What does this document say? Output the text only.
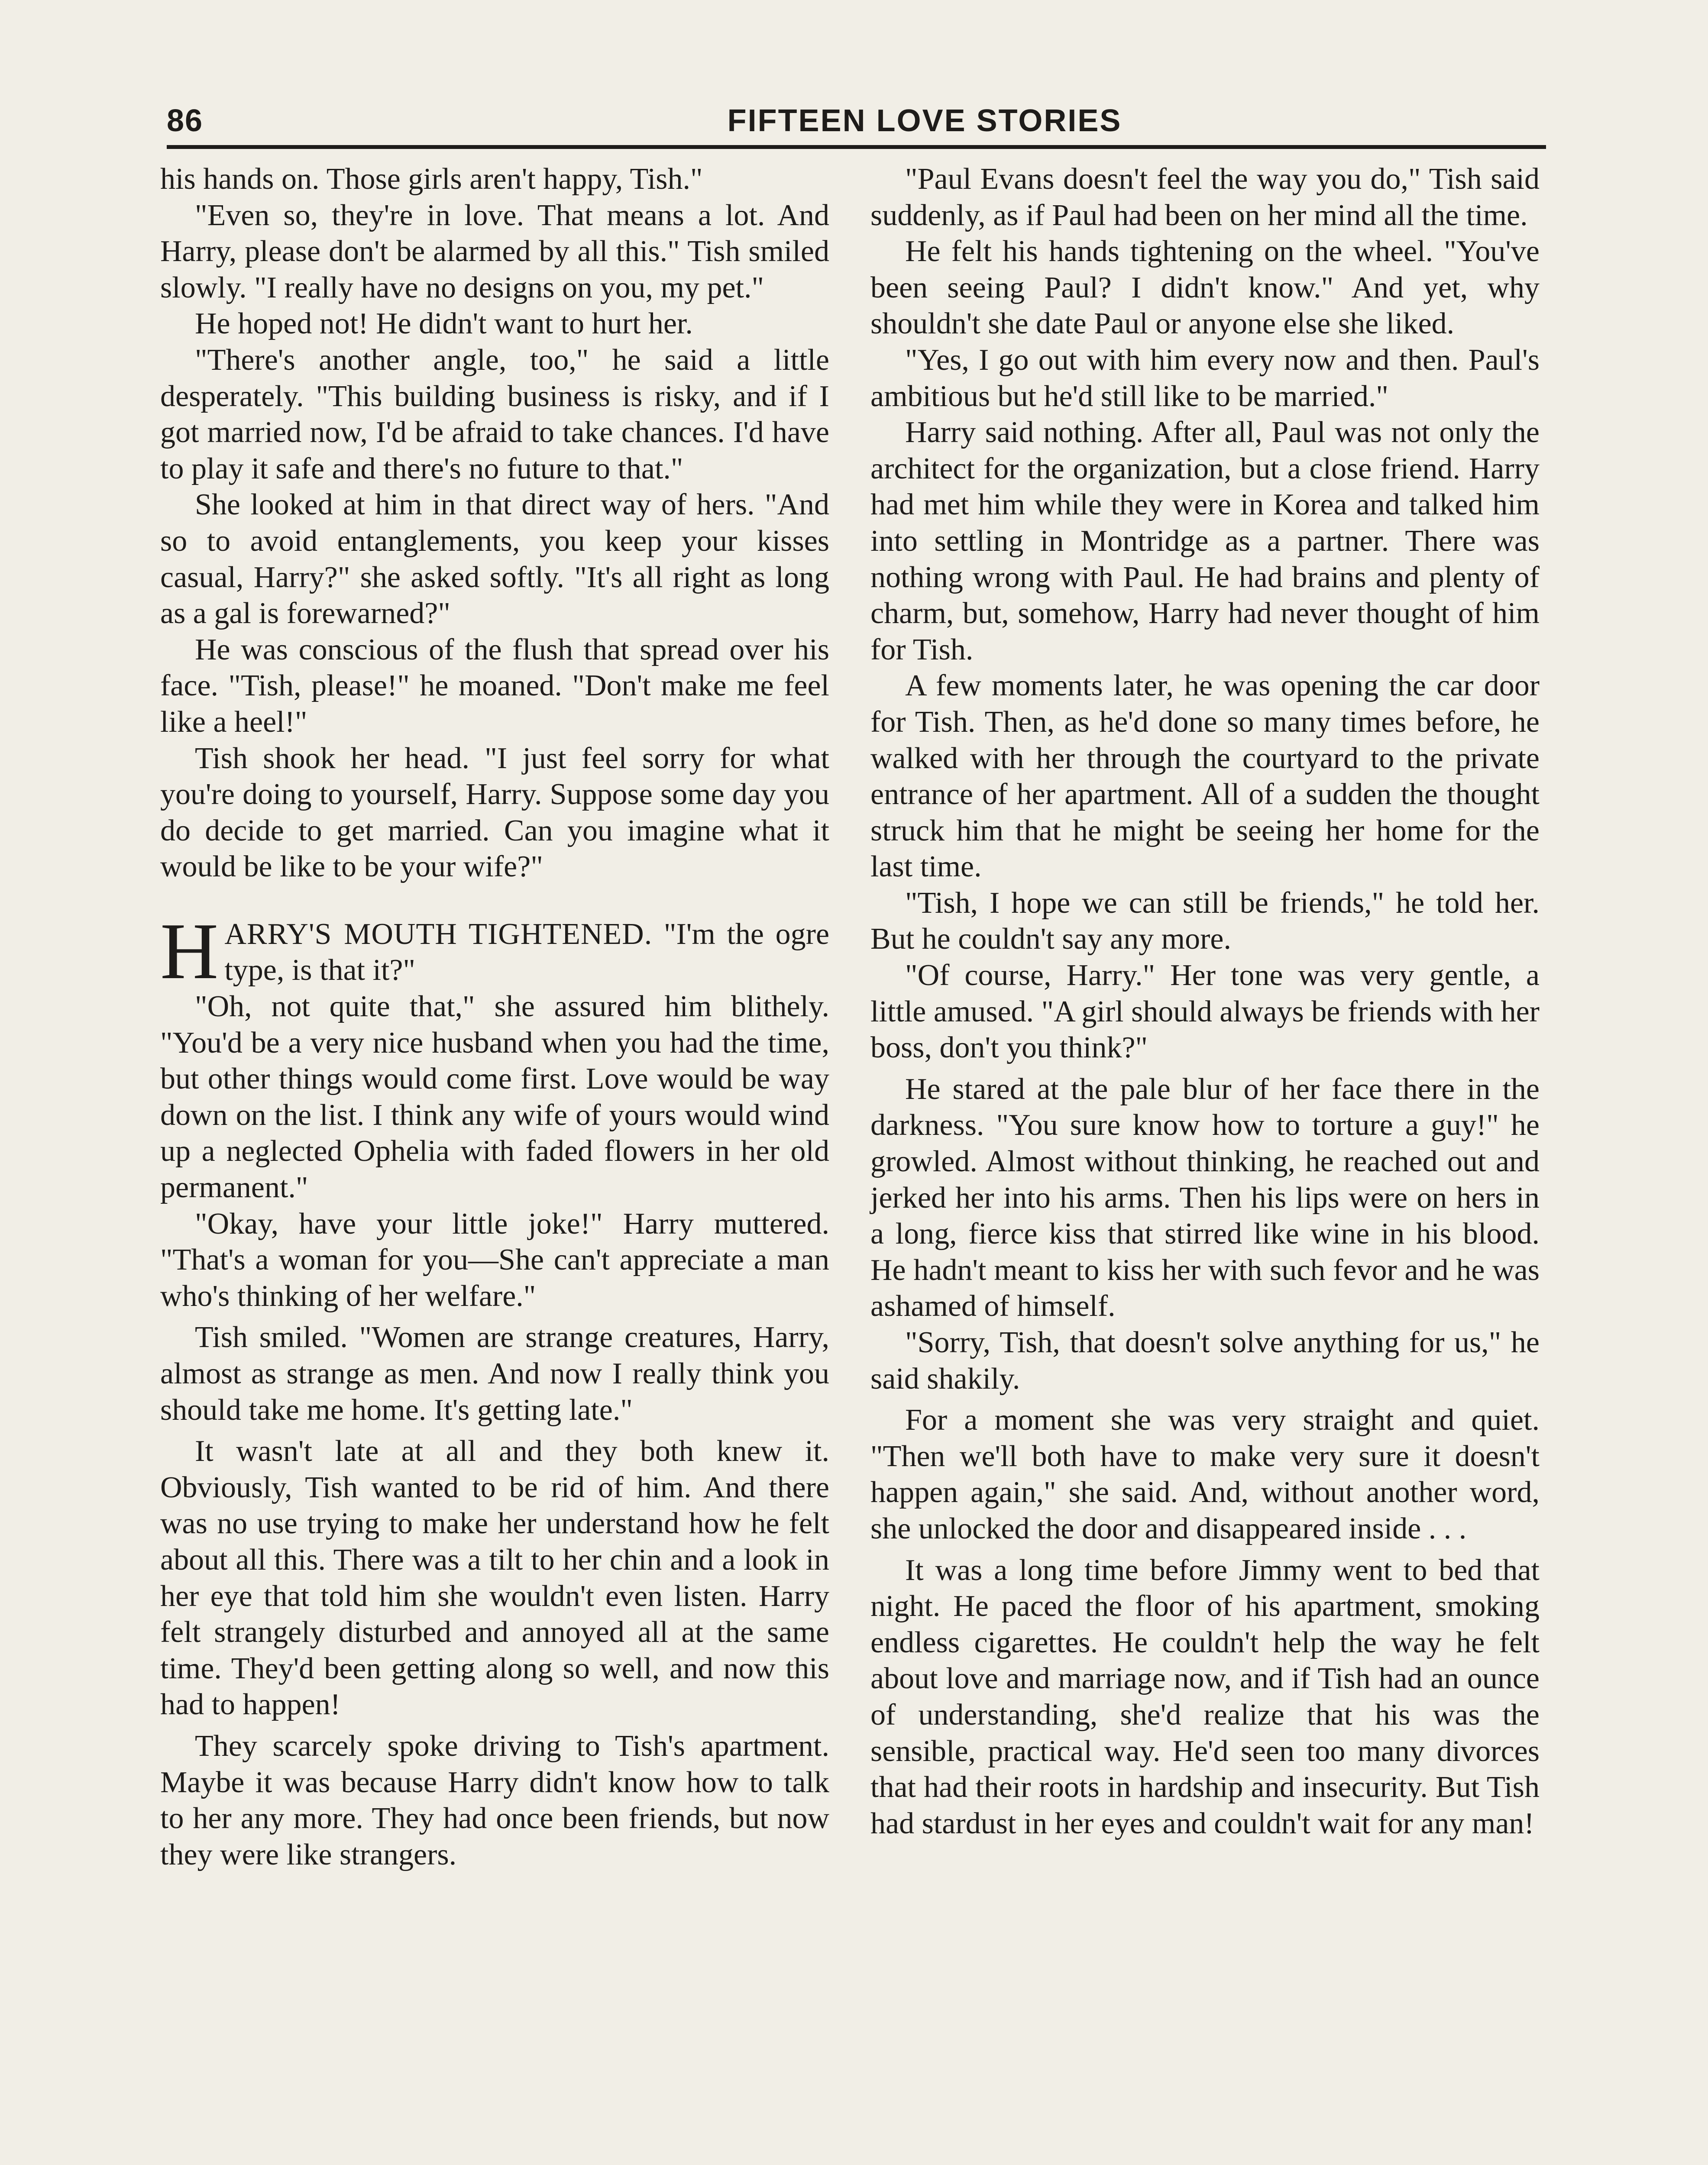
86	FIFTEEN LOVE STORIES

his hands on. Those girls aren't happy, Tish."

"Even so, they're in love. That means a lot. And Harry, please don't be alarmed by all this." Tish smiled slowly. "I really have no designs on you, my pet."

He hoped not! He didn't want to hurt her.

"There's another angle, too," he said a little desperately. "This building business is risky, and if I got married now, I'd be afraid to take chances. I'd have to play it safe and there's no future to that."

She looked at him in that direct way of hers. "And so to avoid entanglements, you keep your kisses casual, Harry?" she asked softly. "It's all right as long as a gal is forewarned?"

He was conscious of the flush that spread over his face. "Tish, please!" he moaned. "Don't make me feel like a heel!"

Tish shook her head. "I just feel sorry for what you're doing to yourself, Harry. Suppose some day you do decide to get married. Can you imagine what it would be like to be your wife?"

HARRY'S MOUTH TIGHTENED. "I'm the ogre type, is that it?"

"Oh, not quite that," she assured him blithely. "You'd be a very nice husband when you had the time, but other things would come first. Love would be way down on the list. I think any wife of yours would wind up a neglected Ophelia with faded flowers in her old permanent."

"Okay, have your little joke!" Harry muttered. "That's a woman for you—She can't appreciate a man who's thinking of her welfare."

Tish smiled. "Women are strange creatures, Harry, almost as strange as men. And now I really think you should take me home. It's getting late."

It wasn't late at all and they both knew it. Obviously, Tish wanted to be rid of him. And there was no use trying to make her understand how he felt about all this. There was a tilt to her chin and a look in her eye that told him she wouldn't even listen. Harry felt strangely disturbed and annoyed all at the same time. They'd been getting along so well, and now this had to happen!

They scarcely spoke driving to Tish's apartment. Maybe it was because Harry didn't know how to talk to her any more. They had once been friends, but now they were like strangers.

"Paul Evans doesn't feel the way you do," Tish said suddenly, as if Paul had been on her mind all the time.

He felt his hands tightening on the wheel. "You've been seeing Paul? I didn't know." And yet, why shouldn't she date Paul or anyone else she liked.

"Yes, I go out with him every now and then. Paul's ambitious but he'd still like to be married."

Harry said nothing. After all, Paul was not only the architect for the organization, but a close friend. Harry had met him while they were in Korea and talked him into settling in Montridge as a partner. There was nothing wrong with Paul. He had brains and plenty of charm, but, somehow, Harry had never thought of him for Tish.

A few moments later, he was opening the car door for Tish. Then, as he'd done so many times before, he walked with her through the courtyard to the private entrance of her apartment. All of a sudden the thought struck him that he might be seeing her home for the last time.

"Tish, I hope we can still be friends," he told her. But he couldn't say any more.

"Of course, Harry." Her tone was very gentle, a little amused. "A girl should always be friends with her boss, don't you think?"

He stared at the pale blur of her face there in the darkness. "You sure know how to torture a guy!" he growled. Almost without thinking, he reached out and jerked her into his arms. Then his lips were on hers in a long, fierce kiss that stirred like wine in his blood. He hadn't meant to kiss her with such fevor and he was ashamed of himself.

"Sorry, Tish, that doesn't solve anything for us," he said shakily.

For a moment she was very straight and quiet. "Then we'll both have to make very sure it doesn't happen again," she said. And, without another word, she unlocked the door and disappeared inside . . .

It was a long time before Jimmy went to bed that night. He paced the floor of his apartment, smoking endless cigarettes. He couldn't help the way he felt about love and marriage now, and if Tish had an ounce of understanding, she'd realize that his was the sensible, practical way. He'd seen too many divorces that had their roots in hardship and insecurity. But Tish had stardust in her eyes and couldn't wait for any man!
